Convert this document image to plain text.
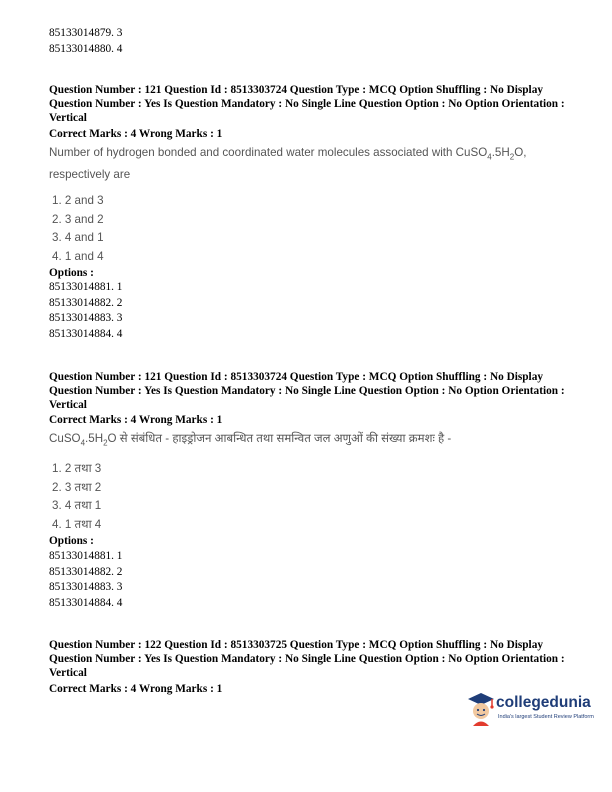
85133014879. 3
85133014880. 4
Question Number : 121 Question Id : 8513303724 Question Type : MCQ Option Shuffling : No Display Question Number : Yes Is Question Mandatory : No Single Line Question Option : No Option Orientation : Vertical
Correct Marks : 4 Wrong Marks : 1
Number of hydrogen bonded and coordinated water molecules associated with $CuSO_4.5H_2O$, respectively are
1. 2 and 3
2. 3 and 2
3. 4 and 1
4. 1 and 4
Options :
85133014881. 1
85133014882. 2
85133014883. 3
85133014884. 4
Question Number : 121 Question Id : 8513303724 Question Type : MCQ Option Shuffling : No Display Question Number : Yes Is Question Mandatory : No Single Line Question Option : No Option Orientation : Vertical
Correct Marks : 4 Wrong Marks : 1
$CuSO_4.5H_2O$ से संबंधित - हाइड्रोजन आबन्धित तथा समन्वित जल अणुओं की संख्या क्रमशः है -
1. 2 तथा 3
2. 3 तथा 2
3. 4 तथा 1
4. 1 तथा 4
Options :
85133014881. 1
85133014882. 2
85133014883. 3
85133014884. 4
Question Number : 122 Question Id : 8513303725 Question Type : MCQ Option Shuffling : No Display Question Number : Yes Is Question Mandatory : No Single Line Question Option : No Option Orientation : Vertical
Correct Marks : 4 Wrong Marks : 1
collegedunia
India's largest Student Review Platform
